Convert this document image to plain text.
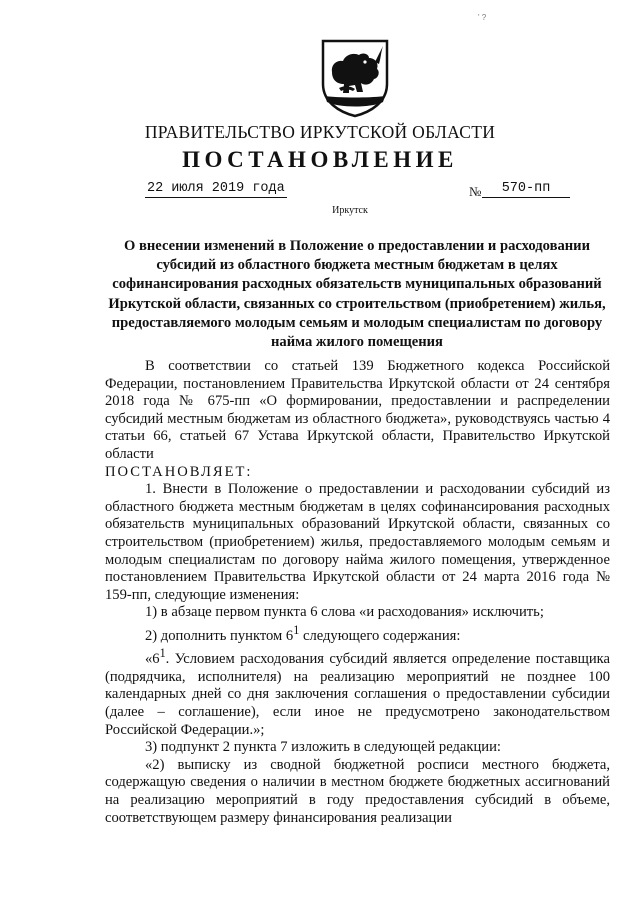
' ?
ПРАВИТЕЛЬСТВО ИРКУТСКОЙ ОБЛАСТИ
ПОСТАНОВЛЕНИЕ
22 июля 2019 года	№	570-пп
Иркутск
О внесении изменений в Положение о предоставлении и расходовании субсидий из областного бюджета местным бюджетам в целях софинансирования расходных обязательств муниципальных образований Иркутской области, связанных со строительством (приобретением) жилья, предоставляемого молодым семьям и молодым специалистам по договору найма жилого помещения

В соответствии со статьей 139 Бюджетного кодекса Российской Федерации, постановлением Правительства Иркутской области от 24 сентября 2018 года № 675-пп «О формировании, предоставлении и распределении субсидий местным бюджетам из областного бюджета», руководствуясь частью 4 статьи 66, статьей 67 Устава Иркутской области, Правительство Иркутской области

ПОСТАНОВЛЯЕТ:

1. Внести в Положение о предоставлении и расходовании субсидий из областного бюджета местным бюджетам в целях софинансирования расходных обязательств муниципальных образований Иркутской области, связанных со строительством (приобретением) жилья, предоставляемого молодым семьям и молодым специалистам по договору найма жилого помещения, утвержденное постановлением Правительства Иркутской области от 24 марта 2016 года № 159-пп, следующие изменения:

1) в абзаце первом пункта 6 слова «и расходования» исключить;

2) дополнить пунктом $6^1$ следующего содержания:

«$6^1$. Условием расходования субсидий является определение поставщика (подрядчика, исполнителя) на реализацию мероприятий не позднее 100 календарных дней со дня заключения соглашения о предоставлении субсидии (далее – соглашение), если иное не предусмотрено законодательством Российской Федерации.»;

3) подпункт 2 пункта 7 изложить в следующей редакции:

«2) выписку из сводной бюджетной росписи местного бюджета, содержащую сведения о наличии в местном бюджете бюджетных ассигнований на реализацию мероприятий в году предоставления субсидий в объеме, соответствующем размеру финансирования реализации
